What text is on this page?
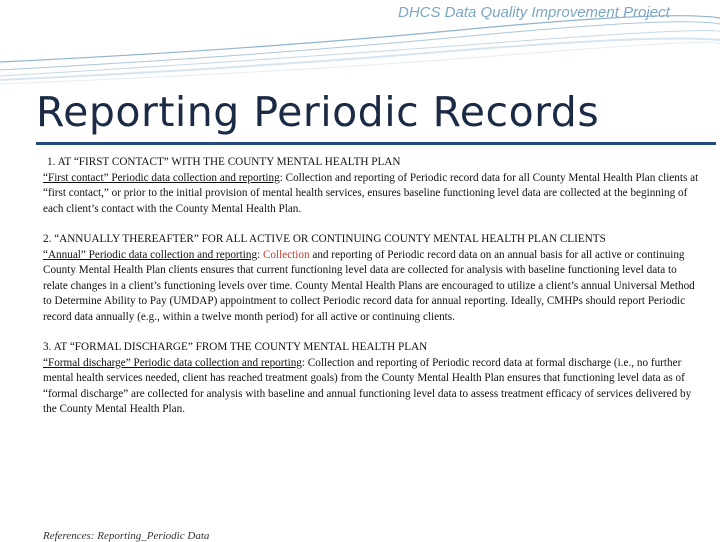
DHCS Data Quality Improvement Project
Reporting Periodic Records
1. AT “FIRST CONTACT” WITH THE COUNTY MENTAL HEALTH PLAN
“First contact” Periodic data collection and reporting: Collection and reporting of Periodic record data for all County Mental Health Plan clients at “first contact,” or prior to the initial provision of mental health services, ensures baseline functioning level data are collected at the beginning of each client’s contact with the County Mental Health Plan.
2. “ANNUALLY THEREAFTER” FOR ALL ACTIVE OR CONTINUING COUNTY MENTAL HEALTH PLAN CLIENTS
“Annual” Periodic data collection and reporting: Collection and reporting of Periodic record data on an annual basis for all active or continuing County Mental Health Plan clients ensures that current functioning level data are collected for analysis with baseline functioning level data to relate changes in a client’s functioning levels over time. County Mental Health Plans are encouraged to utilize a client’s annual Universal Method to Determine Ability to Pay (UMDAP) appointment to collect Periodic record data for annual reporting. Ideally, CMHPs should report Periodic record data annually (e.g., within a twelve month period) for all active or continuing clients.
3. AT “FORMAL DISCHARGE” FROM THE COUNTY MENTAL HEALTH PLAN
“Formal discharge” Periodic data collection and reporting: Collection and reporting of Periodic record data at formal discharge (i.e., no further mental health services needed, client has reached treatment goals) from the County Mental Health Plan ensures that functioning level data as of “formal discharge” are collected for analysis with baseline and annual functioning level data to assess treatment efficacy of services delivered by the County Mental Health Plan.
References: Reporting_Periodic Data
